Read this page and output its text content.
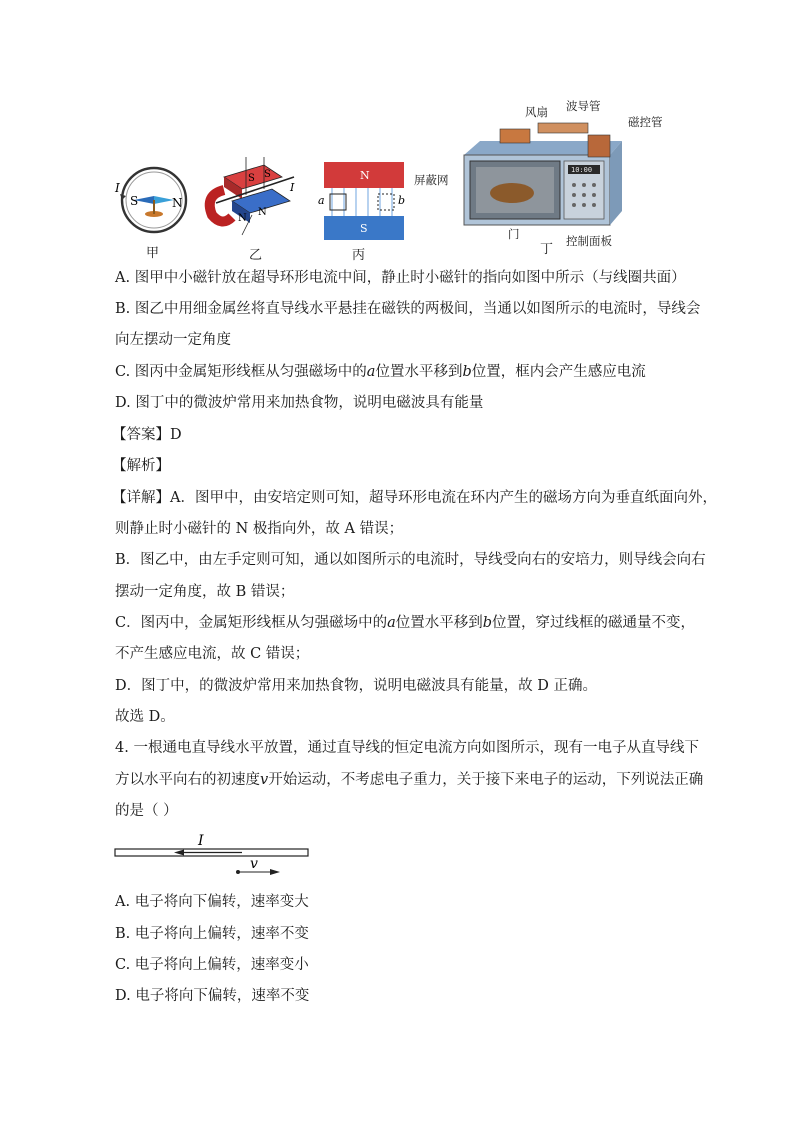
S	N
I
甲
S S
N
N
I
乙
N
S
a	b
丙
10:00
风扇 波导管
磁控管
屏蔽网
门	控制面板
丁
A. 图甲中小磁针放在超导环形电流中间，静止时小磁针的指向如图中所示（与线圈共面）
B. 图乙中用细金属丝将直导线水平悬挂在磁铁的两极间，当通以如图所示的电流时，导线会
向左摆动一定角度
C. 图丙中金属矩形线框从匀强磁场中的a位置水平移到b位置，框内会产生感应电流
D. 图丁中的微波炉常用来加热食物，说明电磁波具有能量
【答案】D
【解析】
【详解】A．图甲中，由安培定则可知，超导环形电流在环内产生的磁场方向为垂直纸面向外，
则静止时小磁针的 N 极指向外，故 A 错误；
B．图乙中，由左手定则可知，通以如图所示的电流时，导线受向右的安培力，则导线会向右
摆动一定角度，故 B 错误；
C．图丙中，金属矩形线框从匀强磁场中的a位置水平移到b位置，穿过线框的磁通量不变，
不产生感应电流，故 C 错误；
D．图丁中，的微波炉常用来加热食物，说明电磁波具有能量，故 D 正确。
故选 D。
4. 一根通电直导线水平放置，通过直导线的恒定电流方向如图所示，现有一电子从直导线下
方以水平向右的初速度v开始运动，不考虑电子重力，关于接下来电子的运动，下列说法正确
的是（ ）
I
v
A. 电子将向下偏转，速率变大
B. 电子将向上偏转，速率不变
C. 电子将向上偏转，速率变小
D. 电子将向下偏转，速率不变
